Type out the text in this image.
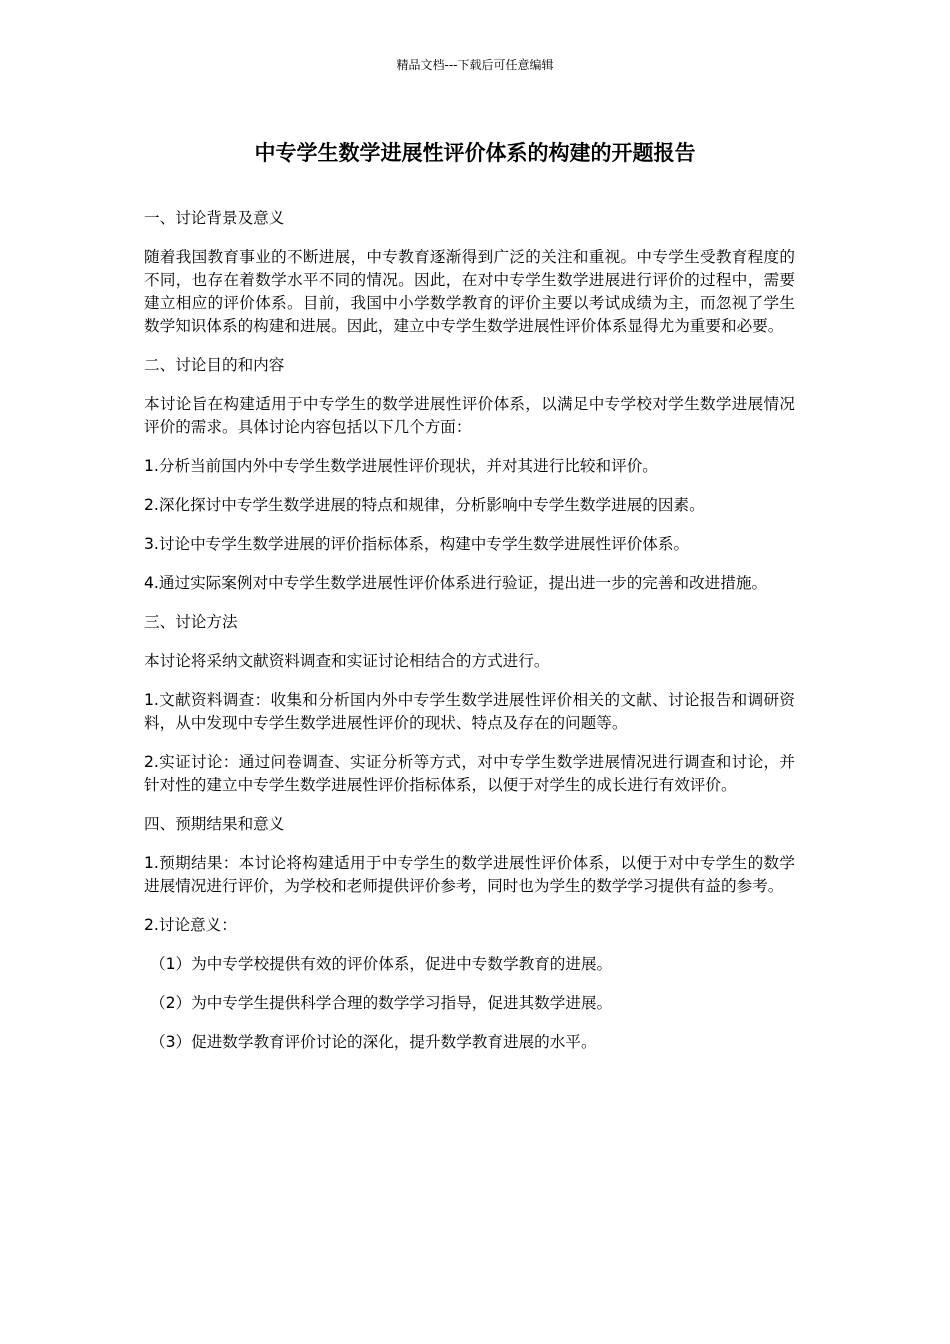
精品文档---下载后可任意编辑
中专学生数学进展性评价体系的构建的开题报告

一、讨论背景及意义

随着我国教育事业的不断进展，中专教育逐渐得到广泛的关注和重视。中专学生受教育程度的不同，也存在着数学水平不同的情况。因此，在对中专学生数学进展进行评价的过程中，需要建立相应的评价体系。目前，我国中小学数学教育的评价主要以考试成绩为主，而忽视了学生数学知识体系的构建和进展。因此，建立中专学生数学进展性评价体系显得尤为重要和必要。

二、讨论目的和内容

本讨论旨在构建适用于中专学生的数学进展性评价体系，以满足中专学校对学生数学进展情况评价的需求。具体讨论内容包括以下几个方面：

1.分析当前国内外中专学生数学进展性评价现状，并对其进行比较和评价。

2.深化探讨中专学生数学进展的特点和规律，分析影响中专学生数学进展的因素。

3.讨论中专学生数学进展的评价指标体系，构建中专学生数学进展性评价体系。

4.通过实际案例对中专学生数学进展性评价体系进行验证，提出进一步的完善和改进措施。

三、讨论方法

本讨论将采纳文献资料调查和实证讨论相结合的方式进行。

1.文献资料调查：收集和分析国内外中专学生数学进展性评价相关的文献、讨论报告和调研资料，从中发现中专学生数学进展性评价的现状、特点及存在的问题等。

2.实证讨论：通过问卷调查、实证分析等方式，对中专学生数学进展情况进行调查和讨论，并针对性的建立中专学生数学进展性评价指标体系，以便于对学生的成长进行有效评价。

四、预期结果和意义

1.预期结果：本讨论将构建适用于中专学生的数学进展性评价体系，以便于对中专学生的数学进展情况进行评价，为学校和老师提供评价参考，同时也为学生的数学学习提供有益的参考。

2.讨论意义：

（1）为中专学校提供有效的评价体系，促进中专数学教育的进展。

（2）为中专学生提供科学合理的数学学习指导，促进其数学进展。

（3）促进数学教育评价讨论的深化，提升数学教育进展的水平。
